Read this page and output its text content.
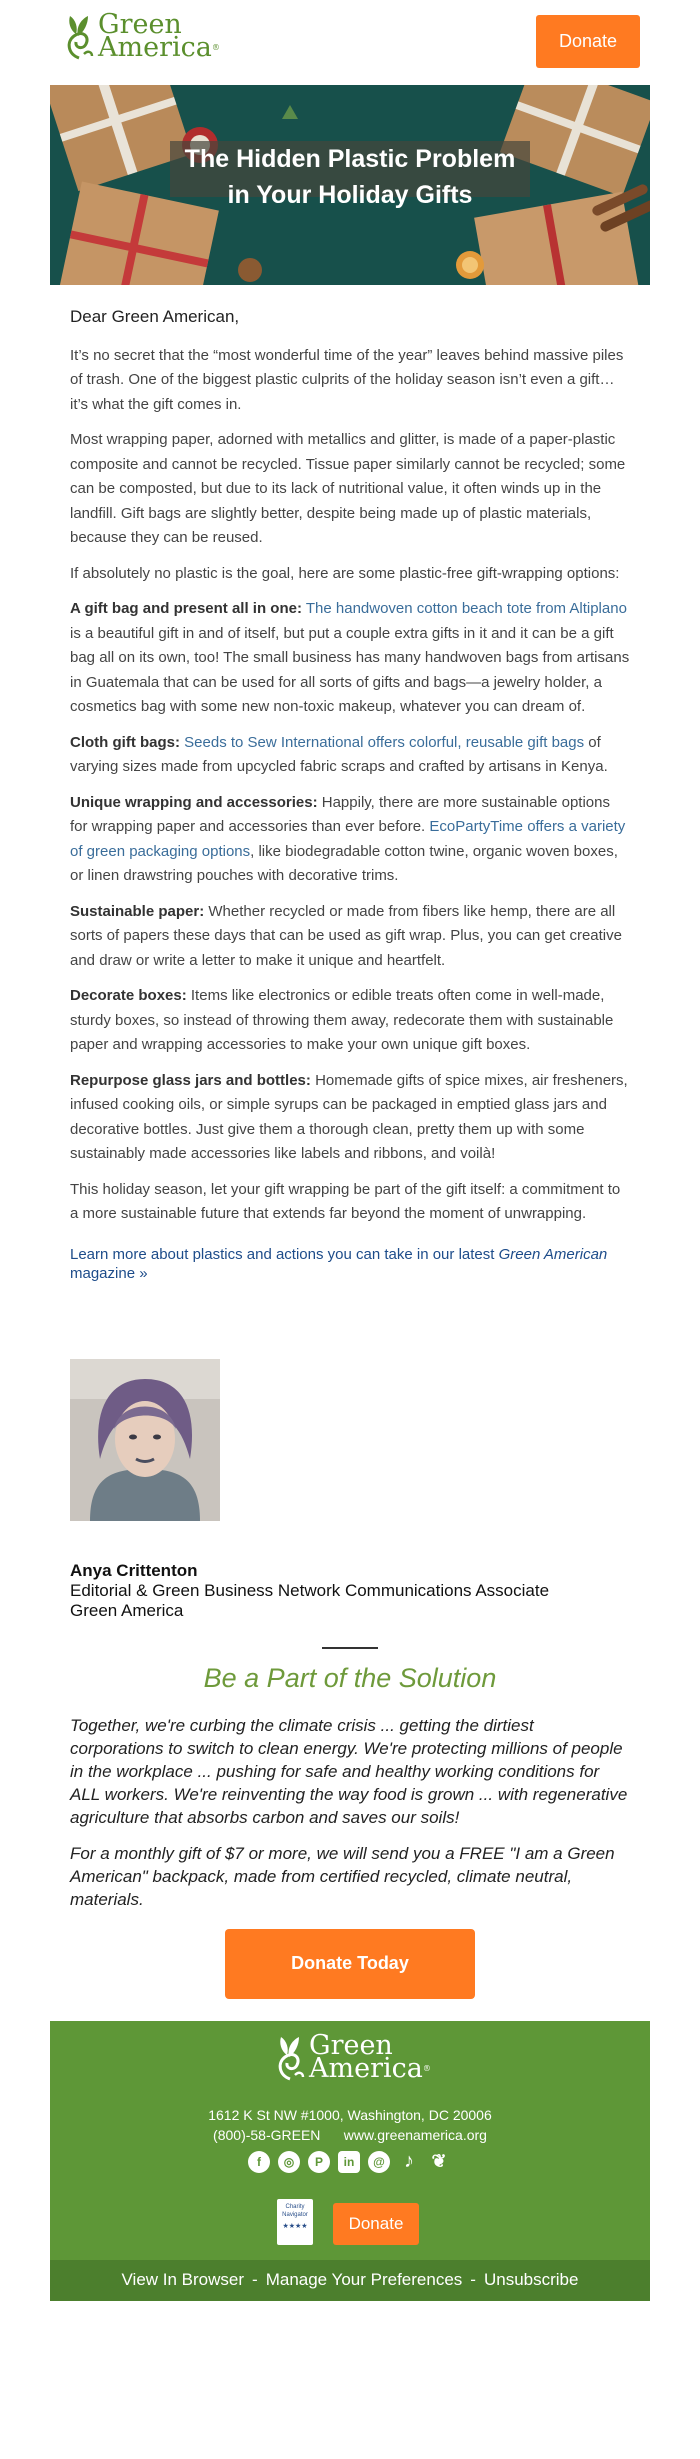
Green
America®	Donate
The Hidden Plastic Problem
in Your Holiday Gifts
Dear Green American,

It’s no secret that the “most wonderful time of the year” leaves behind massive piles of trash. One of the biggest plastic culprits of the holiday season isn’t even a gift…it’s what the gift comes in.

Most wrapping paper, adorned with metallics and glitter, is made of a paper-plastic composite and cannot be recycled. Tissue paper similarly cannot be recycled; some can be composted, but due to its lack of nutritional value, it often winds up in the landfill. Gift bags are slightly better, despite being made up of plastic materials, because they can be reused.

If absolutely no plastic is the goal, here are some plastic-free gift-wrapping options:

A gift bag and present all in one: The handwoven cotton beach tote from Altiplano is a beautiful gift in and of itself, but put a couple extra gifts in it and it can be a gift bag all on its own, too! The small business has many handwoven bags from artisans in Guatemala that can be used for all sorts of gifts and bags—a jewelry holder, a cosmetics bag with some new non-toxic makeup, whatever you can dream of.

Cloth gift bags: Seeds to Sew International offers colorful, reusable gift bags of varying sizes made from upcycled fabric scraps and crafted by artisans in Kenya.

Unique wrapping and accessories: Happily, there are more sustainable options for wrapping paper and accessories than ever before. EcoPartyTime offers a variety of green packaging options, like biodegradable cotton twine, organic woven boxes, or linen drawstring pouches with decorative trims.

Sustainable paper: Whether recycled or made from fibers like hemp, there are all sorts of papers these days that can be used as gift wrap. Plus, you can get creative and draw or write a letter to make it unique and heartfelt.

Decorate boxes: Items like electronics or edible treats often come in well-made, sturdy boxes, so instead of throwing them away, redecorate them with sustainable paper and wrapping accessories to make your own unique gift boxes.

Repurpose glass jars and bottles: Homemade gifts of spice mixes, air fresheners, infused cooking oils, or simple syrups can be packaged in emptied glass jars and decorative bottles. Just give them a thorough clean, pretty them up with some sustainably made accessories like labels and ribbons, and voilà!

This holiday season, let your gift wrapping be part of the gift itself: a commitment to a more sustainable future that extends far beyond the moment of unwrapping.

Learn more about plastics and actions you can take in our latest Green American magazine »

Anya Crittenton
Editorial & Green Business Network Communications Associate
Green America
Be a Part of the Solution

Together, we're curbing the climate crisis ... getting the dirtiest corporations to switch to clean energy. We're protecting millions of people in the workplace ... pushing for safe and healthy working conditions for ALL workers. We're reinventing the way food is grown ... with regenerative agriculture that absorbs carbon and saves our soils!

For a monthly gift of $7 or more, we will send you a FREE "I am a Green American" backpack, made from certified recycled, climate neutral, materials.

Donate Today
Green
America®
1612 K St NW #1000, Washington, DC 20006
(800)-58-GREEN www.greenamerica.org
f	◎	P	in	@ ♪ ❦
Charity
Navigator
★★★★	Donate
View In Browser - Manage Your Preferences - Unsubscribe
